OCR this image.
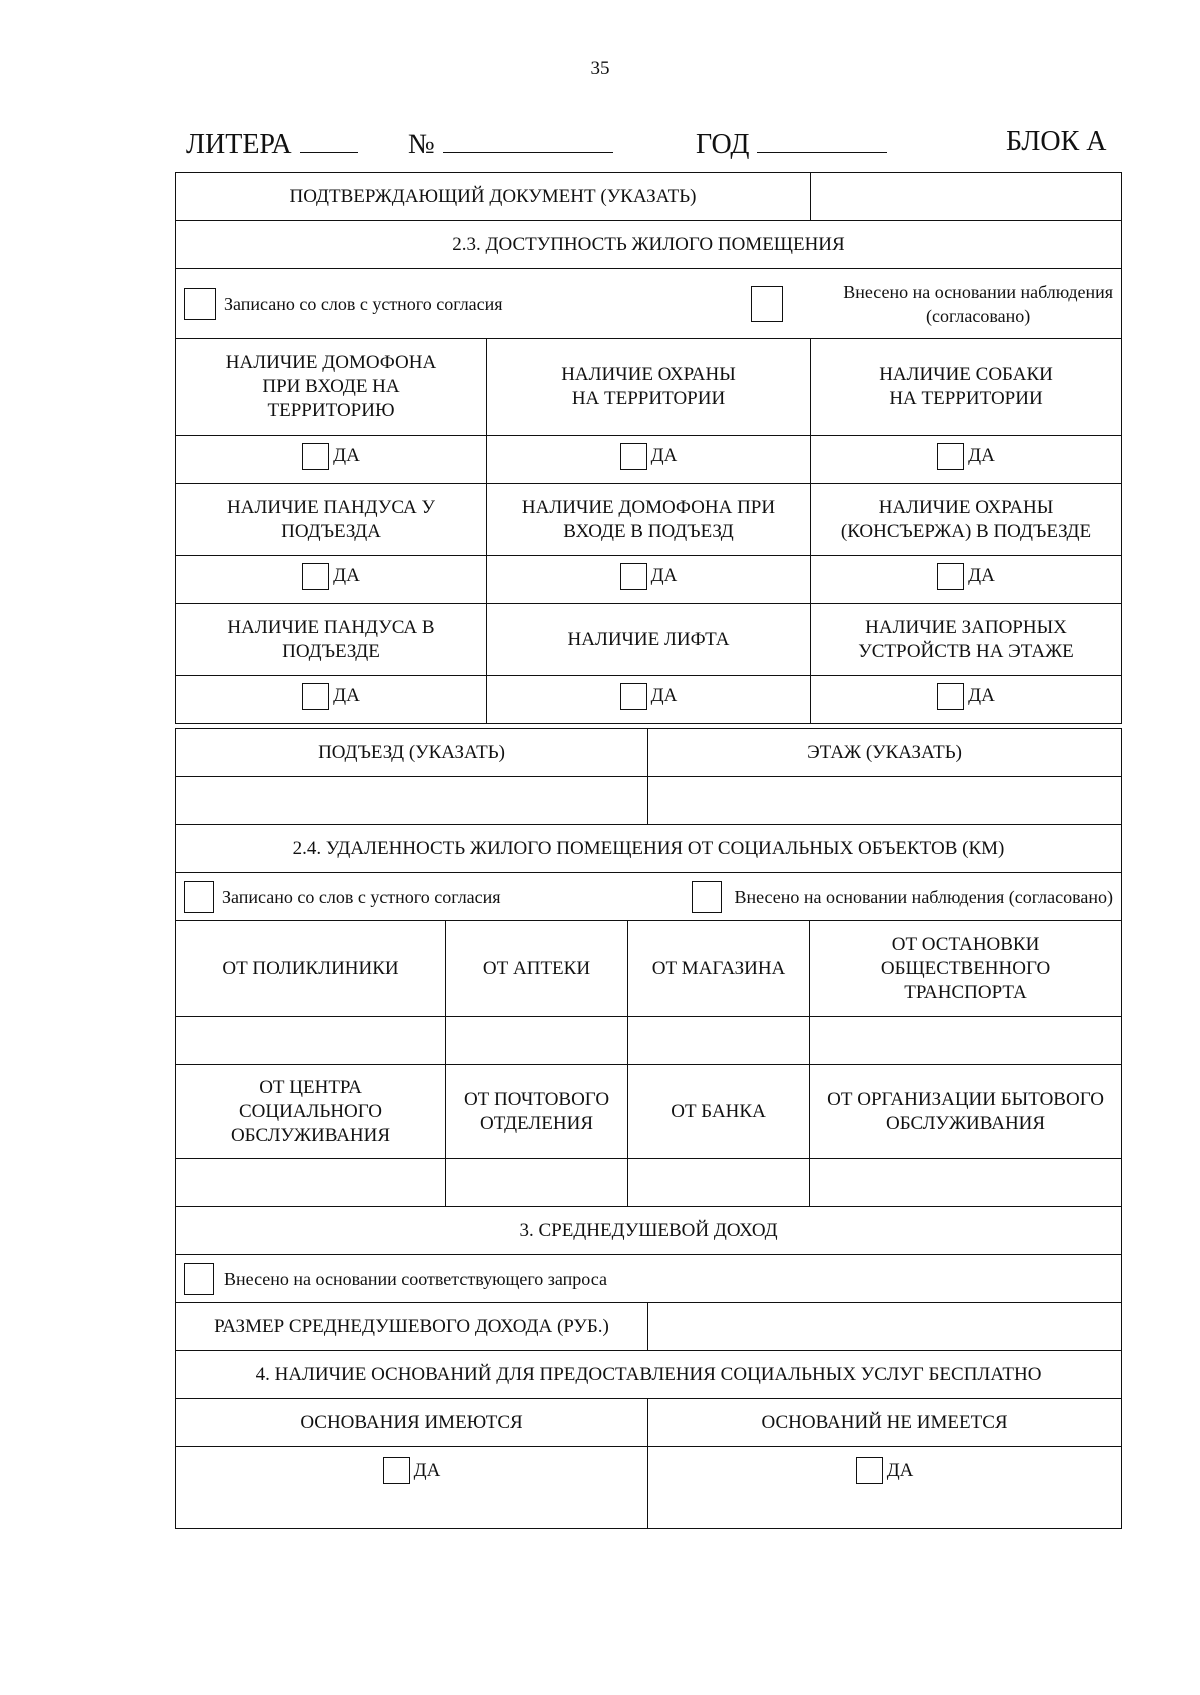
35
ЛИТЕРА	№	ГОД	БЛОК А
ПОДТВЕРЖДАЮЩИЙ ДОКУМЕНТ (УКАЗАТЬ)		
2.3. ДОСТУПНОСТЬ ЖИЛОГО ПОМЕЩЕНИЯ		

Записано со слов с устного согласия
Внесено на основании наблюдения
(согласовано)		

НАЛИЧИЕ ДОМОФОНА ПРИ ВХОДЕ НА ТЕРРИТОРИЮ	НАЛИЧИЕ ОХРАНЫ НА ТЕРРИТОРИИ	НАЛИЧИЕ СОБАКИ НА ТЕРРИТОРИИ

ДА	ДА	ДА

НАЛИЧИЕ ПАНДУСА У ПОДЪЕЗДА	НАЛИЧИЕ ДОМОФОНА ПРИ ВХОДЕ В ПОДЪЕЗД	НАЛИЧИЕ ОХРАНЫ (КОНСЪЕРЖА) В ПОДЪЕЗДЕ

ДА	ДА	ДА

НАЛИЧИЕ ПАНДУСА В ПОДЪЕЗДЕ	НАЛИЧИЕ ЛИФТА	НАЛИЧИЕ ЗАПОРНЫХ УСТРОЙСТВ НА ЭТАЖЕ

ДА	ДА	ДА
ПОДЪЕЗД (УКАЗАТЬ)			ЭТАЖ (УКАЗАТЬ)	

2.4. УДАЛЕННОСТЬ ЖИЛОГО ПОМЕЩЕНИЯ ОТ СОЦИАЛЬНЫХ ОБЪЕКТОВ (КМ)				

Записано со слов с устного согласия Внесено на основании наблюдения (согласовано)				

ОТ ПОЛИКЛИНИКИ	ОТ АПТЕКИ	ОТ МАГАЗИНА		ОТ ОСТАНОВКИ ОБЩЕСТВЕННОГО ТРАНСПОРТА

ОТ ЦЕНТРА СОЦИАЛЬНОГО ОБСЛУЖИВАНИЯ	ОТ ПОЧТОВОГО ОТДЕЛЕНИЯ	ОТ БАНКА		ОТ ОРГАНИЗАЦИИ БЫТОВОГО ОБСЛУЖИВАНИЯ

3. СРЕДНЕДУШЕВОЙ ДОХОД				

Внесено на основании соответствующего запроса				

РАЗМЕР СРЕДНЕДУШЕВОГО ДОХОДА (РУБ.)				
4. НАЛИЧИЕ ОСНОВАНИЙ ДЛЯ ПРЕДОСТАВЛЕНИЯ СОЦИАЛЬНЫХ УСЛУГ БЕСПЛАТНО				
ОСНОВАНИЯ ИМЕЮТСЯ			ОСНОВАНИЙ НЕ ИМЕЕТСЯ	

ДА			ДА	
